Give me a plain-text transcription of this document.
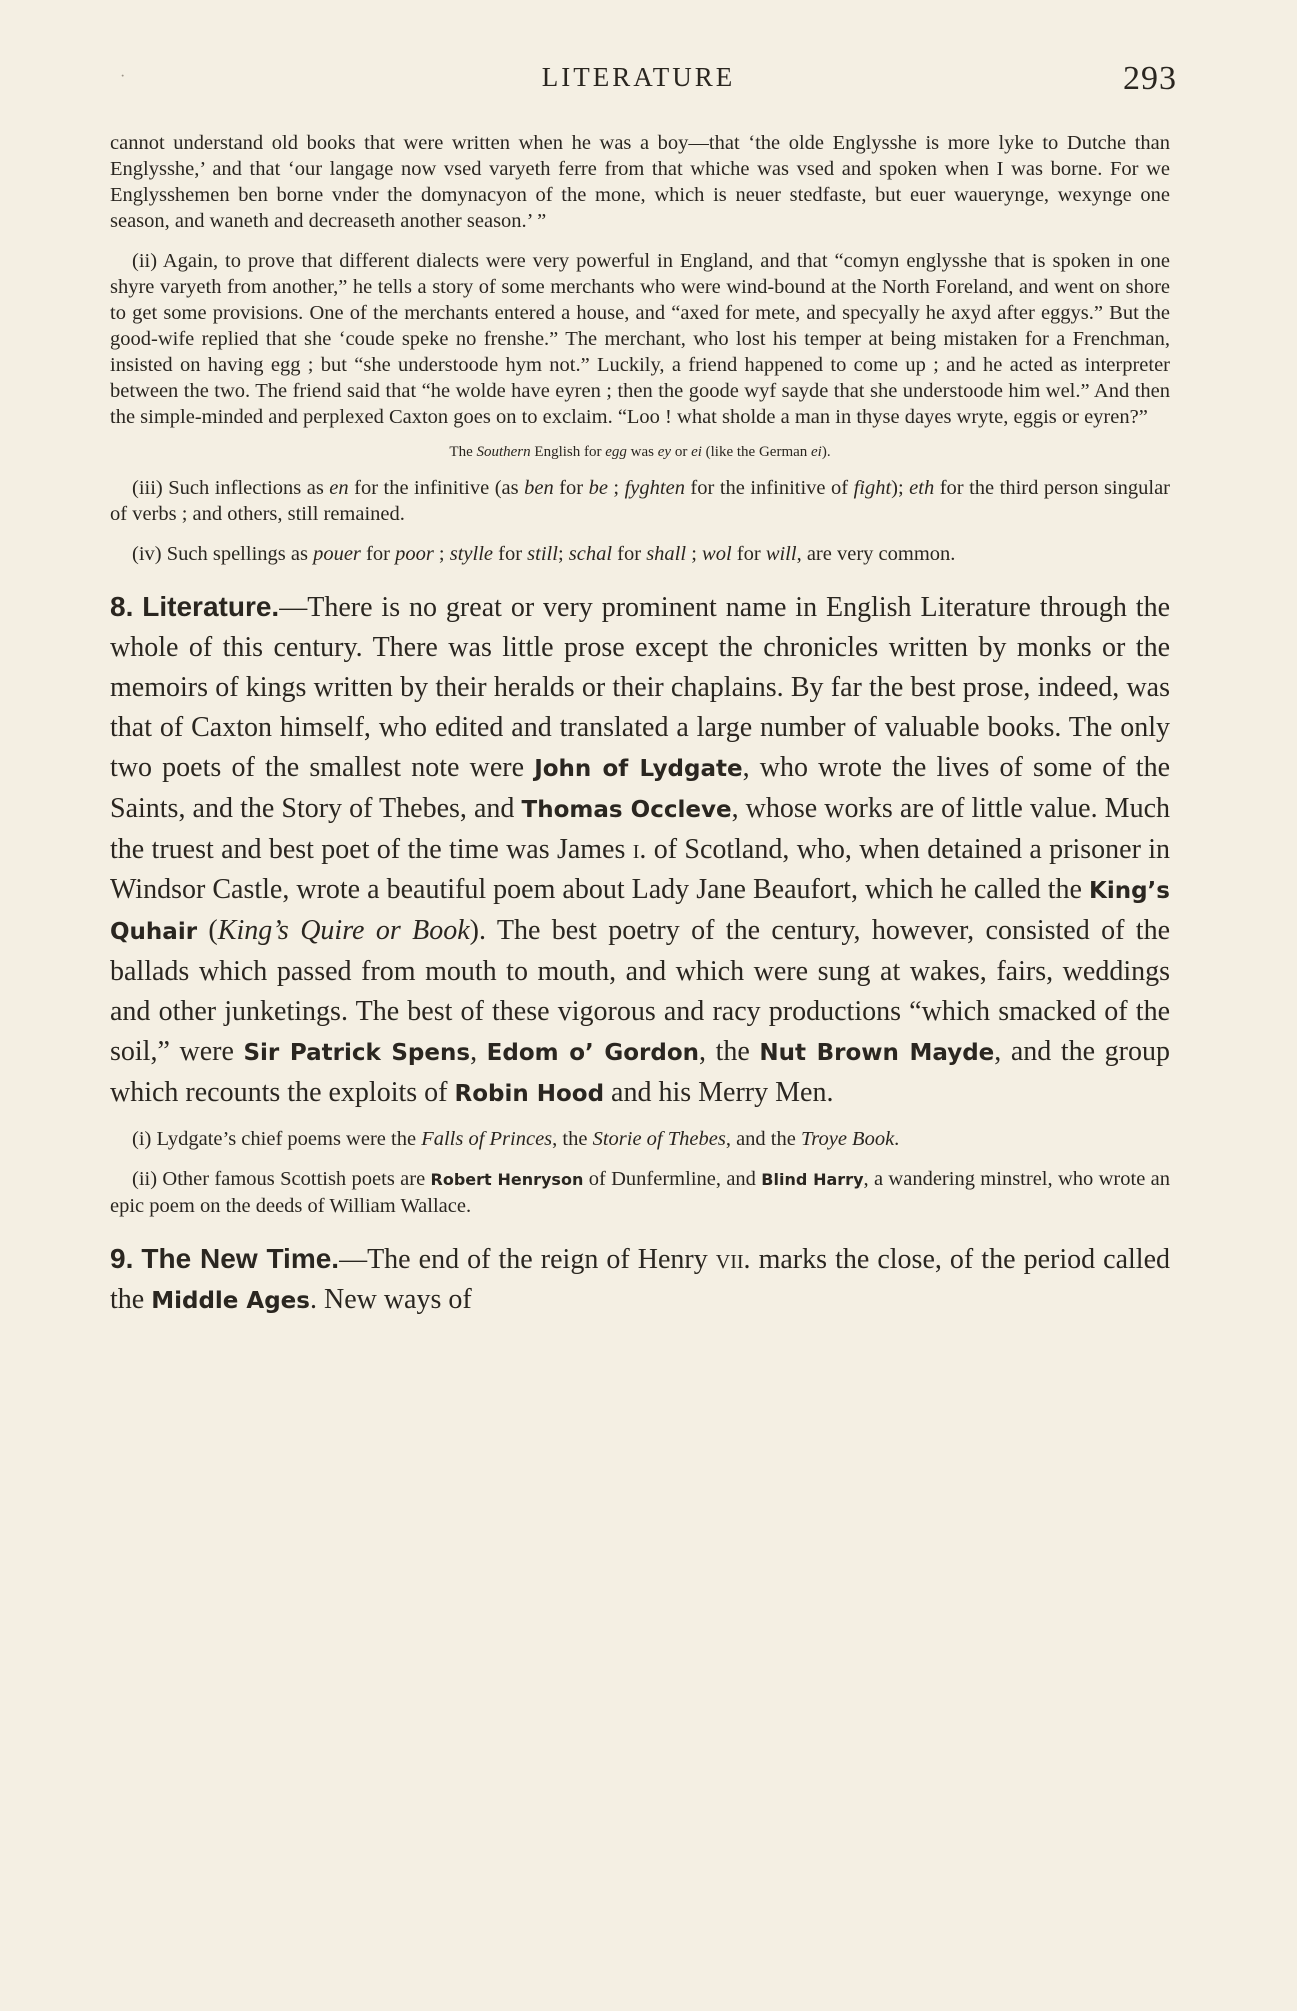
·	LITERATURE	293

cannot understand old books that were written when he was a boy—that ‘the olde Englysshe is more lyke to Dutche than Englysshe,’ and that ‘our langage now vsed varyeth ferre from that whiche was vsed and spoken when I was borne. For we Englysshemen ben borne vnder the domynacyon of the mone, which is neuer stedfaste, but euer wauerynge, wexynge one season, and waneth and decreaseth another season.’ ”

(ii) Again, to prove that different dialects were very powerful in England, and that “comyn englysshe that is spoken in one shyre varyeth from another,” he tells a story of some merchants who were wind-bound at the North Foreland, and went on shore to get some provisions. One of the merchants entered a house, and “axed for mete, and specyally he axyd after eggys.” But the good-wife replied that she ‘coude speke no frenshe.” The merchant, who lost his temper at being mistaken for a Frenchman, insisted on having egg ; but “she understoode hym not.” Luckily, a friend happened to come up ; and he acted as interpreter between the two. The friend said that “he wolde have eyren ; then the goode wyf sayde that she understoode him wel.” And then the simple-minded and perplexed Caxton goes on to exclaim. “Loo ! what sholde a man in thyse dayes wryte, eggis or eyren?”

The Southern English for egg was ey or ei (like the German ei).

(iii) Such inflections as en for the infinitive (as ben for be ; fyghten for the infinitive of fight); eth for the third person singular of verbs ; and others, still remained.

(iv) Such spellings as pouer for poor ; stylle for still; schal for shall ; wol for will, are very common.

8. Literature.—There is no great or very prominent name in English Literature through the whole of this century. There was little prose except the chronicles written by monks or the memoirs of kings written by their heralds or their chaplains. By far the best prose, indeed, was that of Caxton himself, who edited and translated a large number of valuable books. The only two poets of the smallest note were John of Lydgate, who wrote the lives of some of the Saints, and the Story of Thebes, and Thomas Occleve, whose works are of little value. Much the truest and best poet of the time was James i. of Scotland, who, when detained a prisoner in Windsor Castle, wrote a beautiful poem about Lady Jane Beaufort, which he called the King’s Quhair (King’s Quire or Book). The best poetry of the century, however, consisted of the ballads which passed from mouth to mouth, and which were sung at wakes, fairs, weddings and other junketings. The best of these vigorous and racy productions “which smacked of the soil,” were Sir Patrick Spens, Edom o’ Gordon, the Nut Brown Mayde, and the group which recounts the exploits of Robin Hood and his Merry Men.

(i) Lydgate’s chief poems were the Falls of Princes, the Storie of Thebes, and the Troye Book.

(ii) Other famous Scottish poets are Robert Henryson of Dunfermline, and Blind Harry, a wandering minstrel, who wrote an epic poem on the deeds of William Wallace.

9. The New Time.—The end of the reign of Henry vii. marks the close, of the period called the Middle Ages. New ways of
